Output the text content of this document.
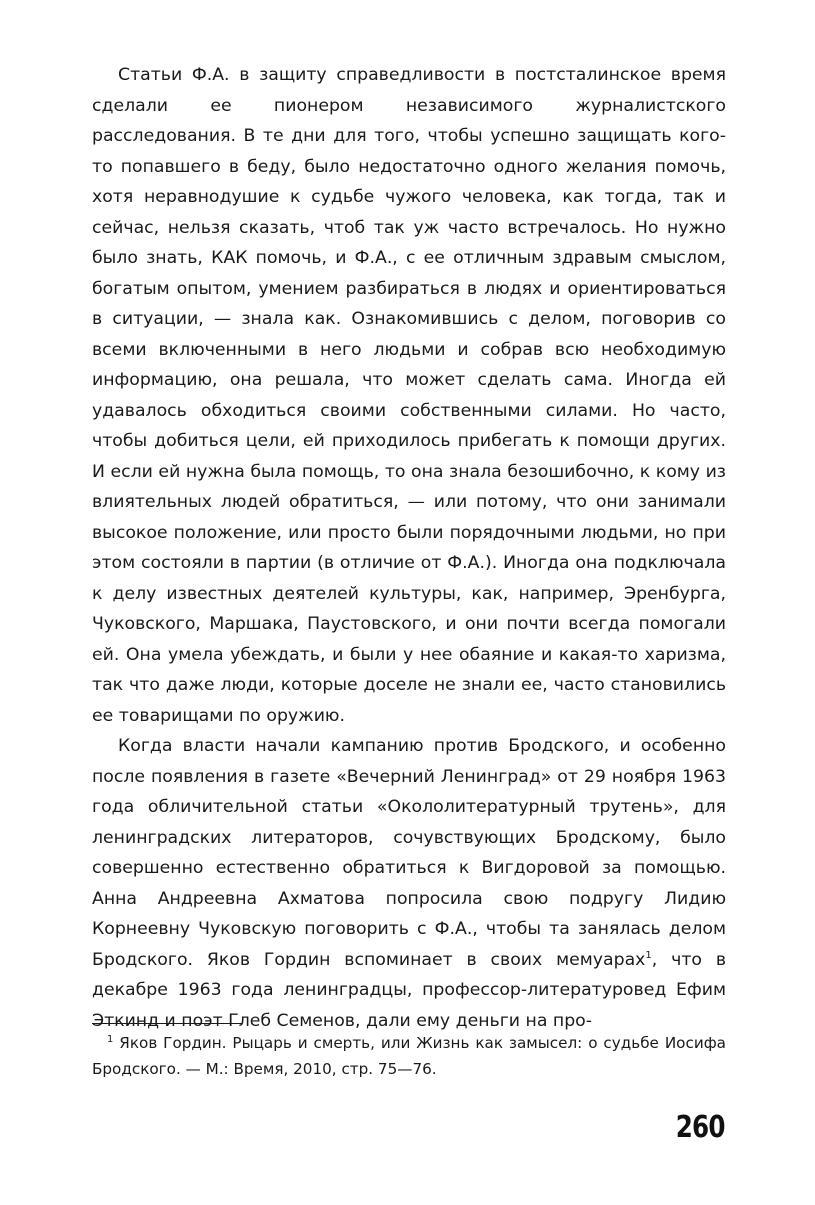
Статьи Ф.А. в защиту справедливости в постсталинское время сделали ее пионером независимого журналистского расследования. В те дни для того, чтобы успешно защищать кого-то попавшего в беду, было недостаточно одного желания помочь, хотя неравнодушие к судьбе чужого человека, как тогда, так и сейчас, нельзя сказать, чтоб так уж часто встречалось. Но нужно было знать, КАК помочь, и Ф.А., с ее отличным здравым смыслом, богатым опытом, умением разбираться в людях и ориентироваться в ситуации, — знала как. Ознакомившись с делом, поговорив со всеми включенными в него людьми и собрав всю необходимую информацию, она решала, что может сделать сама. Иногда ей удавалось обходиться своими собственными силами. Но часто, чтобы добиться цели, ей приходилось прибегать к помощи других. И если ей нужна была помощь, то она знала безошибочно, к кому из влиятельных людей обратиться, — или потому, что они занимали высокое положение, или просто были порядочными людьми, но при этом состояли в партии (в отличие от Ф.А.). Иногда она подключала к делу известных деятелей культуры, как, например, Эренбурга, Чуковского, Маршака, Паустовского, и они почти всегда помогали ей. Она умела убеждать, и были у нее обаяние и какая-то харизма, так что даже люди, которые доселе не знали ее, часто становились ее товарищами по оружию.

Когда власти начали кампанию против Бродского, и особенно после появления в газете «Вечерний Ленинград» от 29 ноября 1963 года обличительной статьи «Окололитературный трутень», для ленинградских литераторов, сочувствующих Бродскому, было совершенно естественно обратиться к Вигдоровой за помощью. Анна Андреевна Ахматова попросила свою подругу Лидию Корнеевну Чуковскую поговорить с Ф.А., чтобы та занялась делом Бродского. Яков Гордин вспоминает в своих мемуарах$^1$, что в декабре 1963 года ленинградцы, профессор-литературовед Ефим Эткинд и поэт Глеб Семенов, дали ему деньги на про-

$^1$ Яков Гордин. Рыцарь и смерть, или Жизнь как замысел: о судьбе Иосифа Бродского. — М.: Время, 2010, стр. 75—76.

260
